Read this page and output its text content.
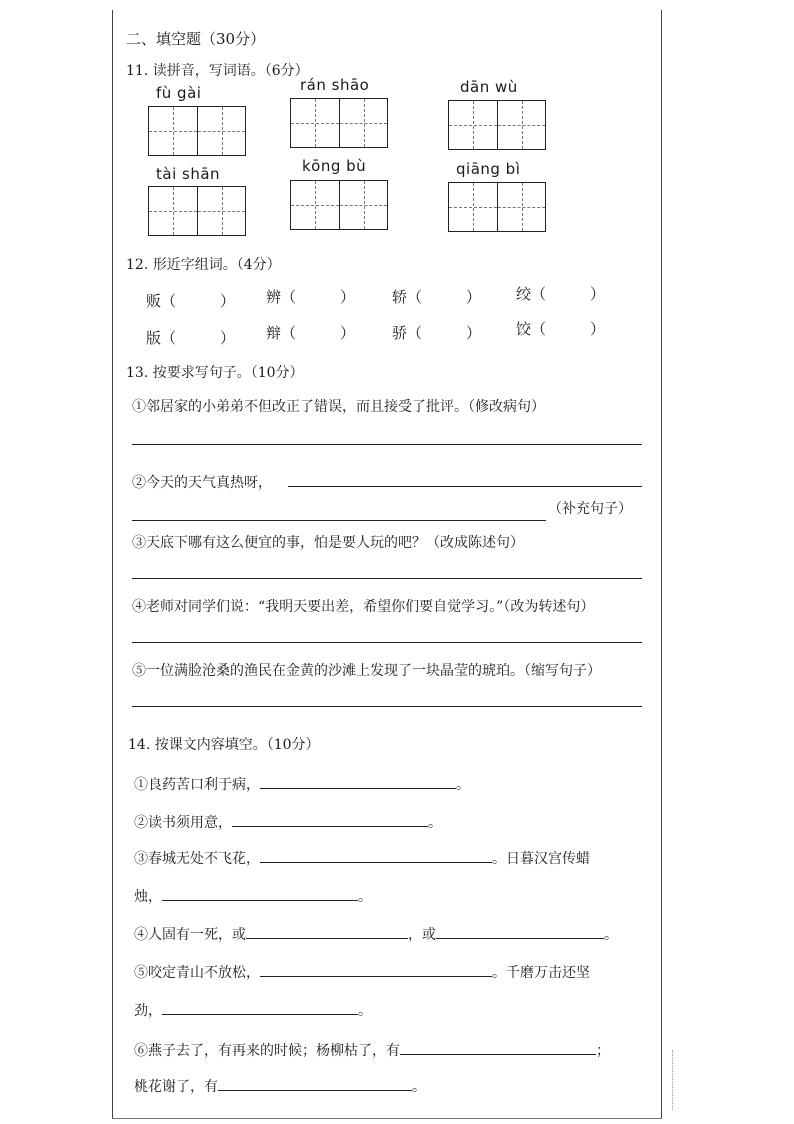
二、填空题（30分）
11. 读拼音，写词语。（6分）
fù gài	rán shāo	dān wù
tài shān	kōng bù	qiāng bì
12. 形近字组词。（4分）
贩（	） 辨（	） 轿（	） 绞（	）
版（	） 辩（	） 骄（	） 饺（	）
13. 按要求写句子。（10分）
①邻居家的小弟弟不但改正了错误，而且接受了批评。（修改病句）
②今天的天气真热呀，
（补充句子）
③天底下哪有这么便宜的事，怕是要人玩的吧？（改成陈述句）
④老师对同学们说：“我明天要出差，希望你们要自觉学习。”（改为转述句）
⑤一位满脸沧桑的渔民在金黄的沙滩上发现了一块晶莹的琥珀。（缩写句子）
14. 按课文内容填空。（10分）
①良药苦口利于病，	。
②读书须用意，	。
③春城无处不飞花，	。日暮汉宫传蜡
烛，	。
④人固有一死，或	，或	。
⑤咬定青山不放松，	。千磨万击还坚
劲，	。
⑥燕子去了，有再来的时候；杨柳枯了，有	；
桃花谢了，有	。
